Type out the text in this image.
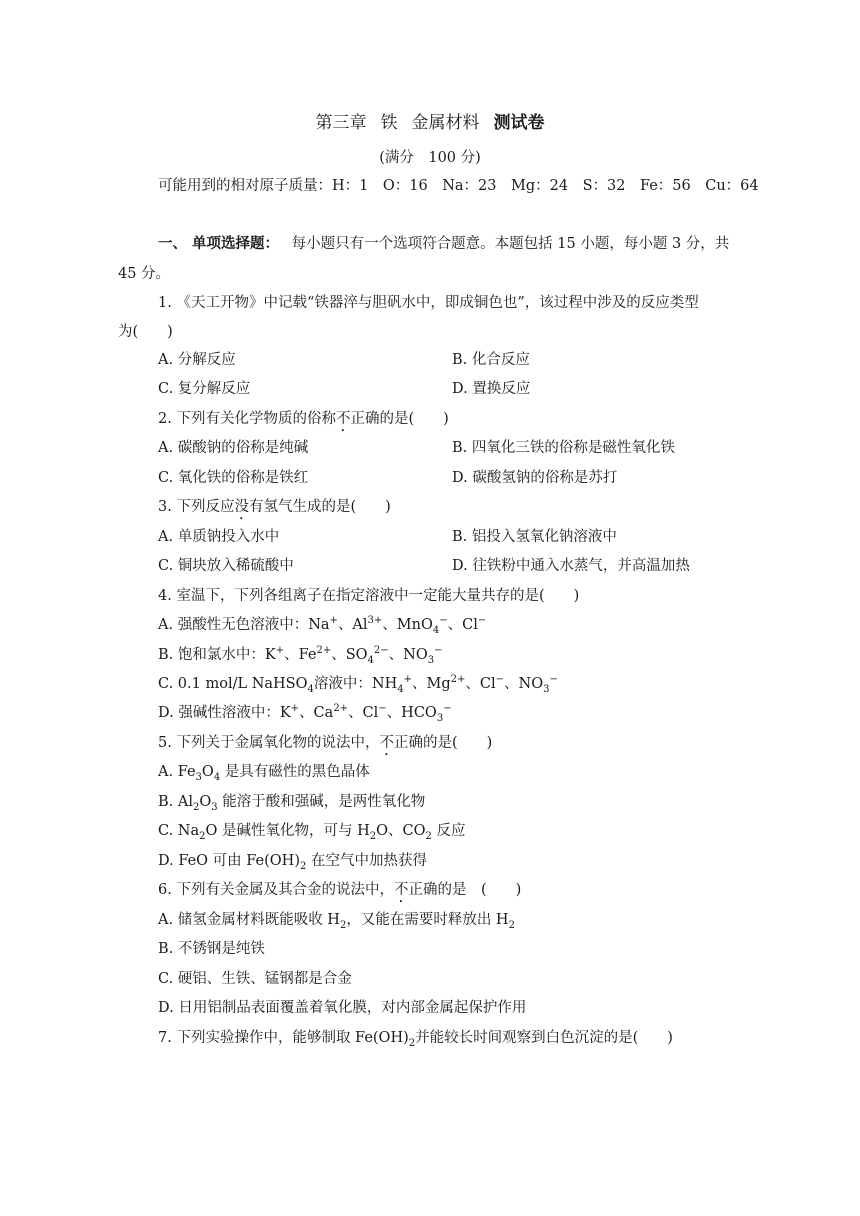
第三章 铁 金属材料 测试卷
(满分　100 分)
可能用到的相对原子质量：H：1　O：16　Na：23　Mg：24　S：32　Fe：56　Cu：64
一、 单项选择题： 每小题只有一个选项符合题意。本题包括 15 小题，每小题 3 分，共
45 分。
1. 《天工开物》中记载“铁器淬与胆矾水中，即成铜色也”，该过程中涉及的反应类型
为(　　)
A. 分解反应	B. 化合反应
C. 复分解反应	D. 置换反应
2. 下列有关化学物质的俗称不正确的是(　　)
A. 碳酸钠的俗称是纯碱	B. 四氧化三铁的俗称是磁性氧化铁
C. 氧化铁的俗称是铁红	D. 碳酸氢钠的俗称是苏打
3. 下列反应没有氢气生成的是(　　)
A. 单质钠投入水中	B. 铝投入氢氧化钠溶液中
C. 铜块放入稀硫酸中	D. 往铁粉中通入水蒸气，并高温加热
4. 室温下，下列各组离子在指定溶液中一定能大量共存的是(　　)
A. 强酸性无色溶液中：Na+、$Al^{3+}$、MnO$_4$−、Cl−
B. 饱和氯水中：K+、$Fe^{2+}$、$SO_4^{2-}$、$NO_3^-$
C. 0.1 mol/L NaHSO$_4$溶液中：$NH_4^+$、$Mg^{2+}$、Cl−、$NO_3^-$
D. 强碱性溶液中：K+、$Ca^{2+}$、Cl−、$HCO_3^-$
5. 下列关于金属氧化物的说法中，不正确的是(　　)
A. $Fe_3O_4$ 是具有磁性的黑色晶体
B. $Al_2O_3$ 能溶于酸和强碱，是两性氧化物
C. $Na_2O$ 是碱性氧化物，可与 $H_2O$、$CO_2$ 反应
D. FeO 可由 $Fe(OH)_2$ 在空气中加热获得
6. 下列有关金属及其合金的说法中，不正确的是　(　　)
A. 储氢金属材料既能吸收 $H_2$，又能在需要时释放出 $H_2$
B. 不锈钢是纯铁
C. 硬铝、生铁、锰钢都是合金
D. 日用铝制品表面覆盖着氧化膜，对内部金属起保护作用
7. 下列实验操作中，能够制取 $Fe(OH)_2$并能较长时间观察到白色沉淀的是(　　)
